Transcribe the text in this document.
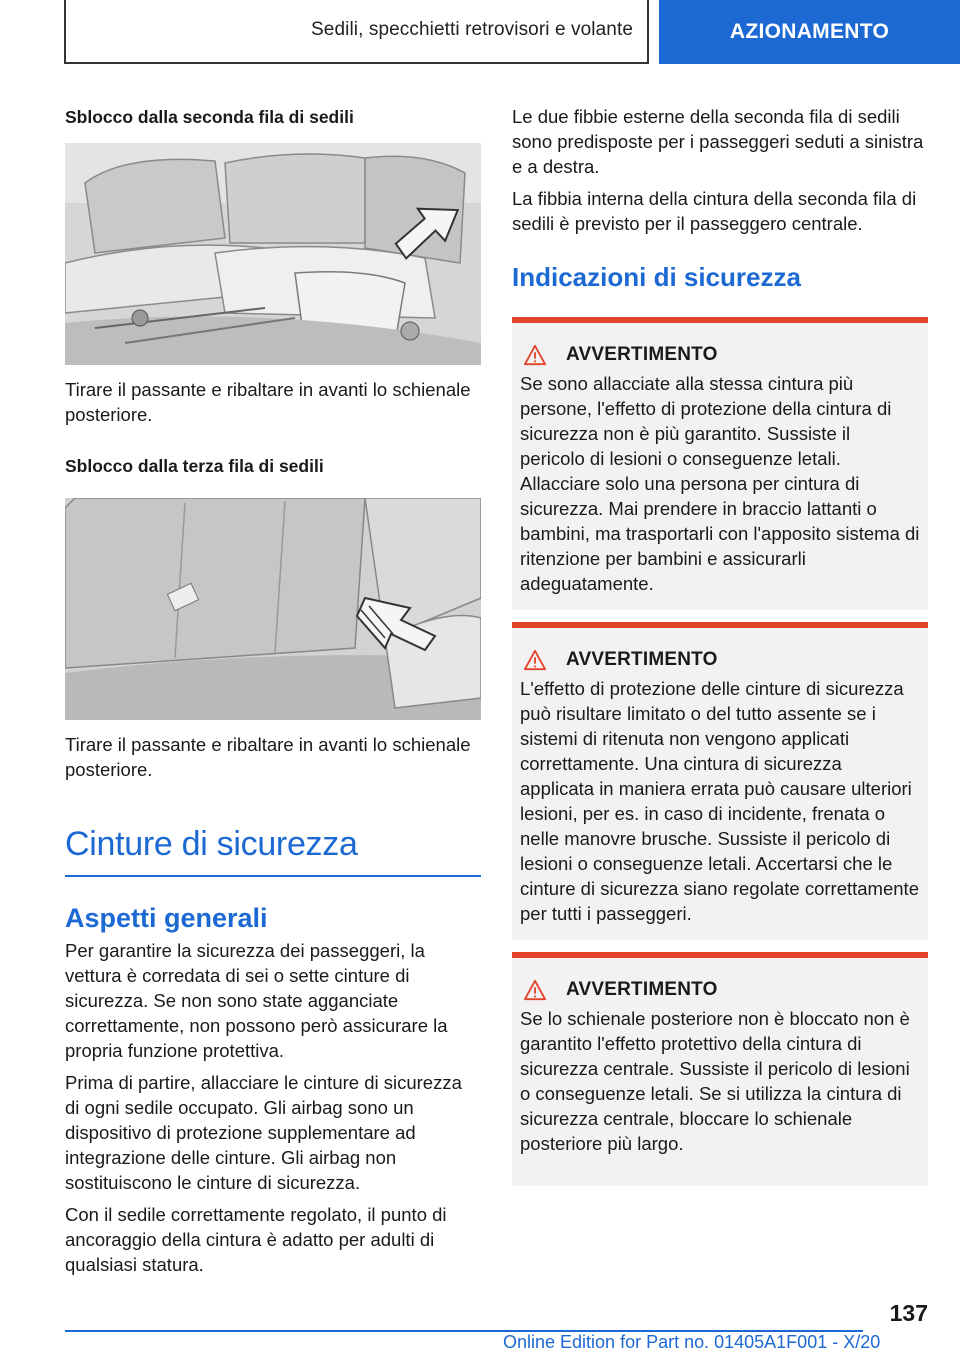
Sedili, specchietti retrovisori e volante	AZIONAMENTO
Sblocco dalla seconda fila di sedili
Tirare il passante e ribaltare in avanti lo schienale posteriore.
Sblocco dalla terza fila di sedili
Tirare il passante e ribaltare in avanti lo schienale posteriore.
Cinture di sicurezza
Aspetti generali
Per garantire la sicurezza dei passeggeri, la vettura è corredata di sei o sette cinture di sicurezza. Se non sono state agganciate correttamente, non possono però assicurare la propria funzione protettiva.
Prima di partire, allacciare le cinture di sicurezza di ogni sedile occupato. Gli airbag sono un dispositivo di protezione supplementare ad integrazione delle cinture. Gli airbag non sostituiscono le cinture di sicurezza.
Con il sedile correttamente regolato, il punto di ancoraggio della cintura è adatto per adulti di qualsiasi statura.
Le due fibbie esterne della seconda fila di sedili sono predisposte per i passeggeri seduti a sinistra e a destra.
La fibbia interna della cintura della seconda fila di sedili è previsto per il passeggero centrale.
Indicazioni di sicurezza
AVVERTIMENTO
Se sono allacciate alla stessa cintura più persone, l'effetto di protezione della cintura di sicurezza non è più garantito. Sussiste il pericolo di lesioni o conseguenze letali. Allacciare solo una persona per cintura di sicurezza. Mai prendere in braccio lattanti o bambini, ma trasportarli con l'apposito sistema di ritenzione per bambini e assicurarli adeguatamente.
AVVERTIMENTO
L'effetto di protezione delle cinture di sicurezza può risultare limitato o del tutto assente se i sistemi di ritenuta non vengono applicati correttamente. Una cintura di sicurezza applicata in maniera errata può causare ulteriori lesioni, per es. in caso di incidente, frenata o nelle manovre brusche. Sussiste il pericolo di lesioni o conseguenze letali. Accertarsi che le cinture di sicurezza siano regolate correttamente per tutti i passeggeri.
AVVERTIMENTO
Se lo schienale posteriore non è bloccato non è garantito l'effetto protettivo della cintura di sicurezza centrale. Sussiste il pericolo di lesioni o conseguenze letali. Se si utilizza la cintura di sicurezza centrale, bloccare lo schienale posteriore più largo.
137
Online Edition for Part no. 01405A1F001 - X/20
